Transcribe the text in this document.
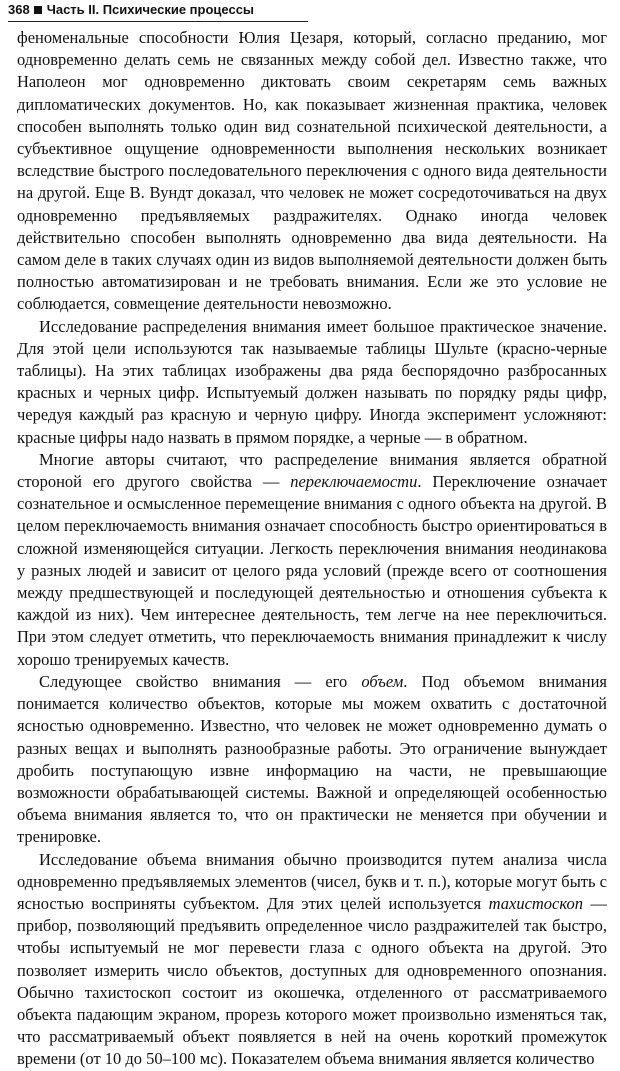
368 Часть II. Психические процессы

феноменальные способности Юлия Цезаря, который, согласно преданию, мог одновременно делать семь не связанных между собой дел. Известно также, что Наполеон мог одновременно диктовать своим секретарям семь важных дипломатических документов. Но, как показывает жизненная практика, человек способен выполнять только один вид сознательной психической деятельности, а субъективное ощущение одновременности выполнения нескольких возникает вследствие быстрого последовательного переключения с одного вида деятельности на другой. Еще В. Вундт доказал, что человек не может сосредоточиваться на двух одновременно предъявляемых раздражителях. Однако иногда человек действительно способен выполнять одновременно два вида деятельности. На самом деле в таких случаях один из видов выполняемой деятельности должен быть полностью автоматизирован и не требовать внимания. Если же это условие не соблюдается, совмещение деятельности невозможно.

Исследование распределения внимания имеет большое практическое значение. Для этой цели используются так называемые таблицы Шульте (красно-черные таблицы). На этих таблицах изображены два ряда беспорядочно разбросанных красных и черных цифр. Испытуемый должен называть по порядку ряды цифр, чередуя каждый раз красную и черную цифру. Иногда эксперимент усложняют: красные цифры надо назвать в прямом порядке, а черные — в обратном.

Многие авторы считают, что распределение внимания является обратной стороной его другого свойства — переключаемости. Переключение означает сознательное и осмысленное перемещение внимания с одного объекта на другой. В целом переключаемость внимания означает способность быстро ориентироваться в сложной изменяющейся ситуации. Легкость переключения внимания неодинакова у разных людей и зависит от целого ряда условий (прежде всего от соотношения между предшествующей и последующей деятельностью и отношения субъекта к каждой из них). Чем интереснее деятельность, тем легче на нее переключиться. При этом следует отметить, что переключаемость внимания принадлежит к числу хорошо тренируемых качеств.

Следующее свойство внимания — его объем. Под объемом внимания понимается количество объектов, которые мы можем охватить с достаточной ясностью одновременно. Известно, что человек не может одновременно думать о разных вещах и выполнять разнообразные работы. Это ограничение вынуждает дробить поступающую извне информацию на части, не превышающие возможности обрабатывающей системы. Важной и определяющей особенностью объема внимания является то, что он практически не меняется при обучении и тренировке.

Исследование объема внимания обычно производится путем анализа числа одновременно предъявляемых элементов (чисел, букв и т. п.), которые могут быть с ясностью восприняты субъектом. Для этих целей используется тахистоскоп — прибор, позволяющий предъявить определенное число раздражителей так быстро, чтобы испытуемый не мог перевести глаза с одного объекта на другой. Это позволяет измерить число объектов, доступных для одновременного опознания. Обычно тахистоскоп состоит из окошечка, отделенного от рассматриваемого объекта падающим экраном, прорезь которого может произвольно изменяться так, что рассматриваемый объект появляется в ней на очень короткий промежуток времени (от 10 до 50–100 мс). Показателем объема внимания является количество
